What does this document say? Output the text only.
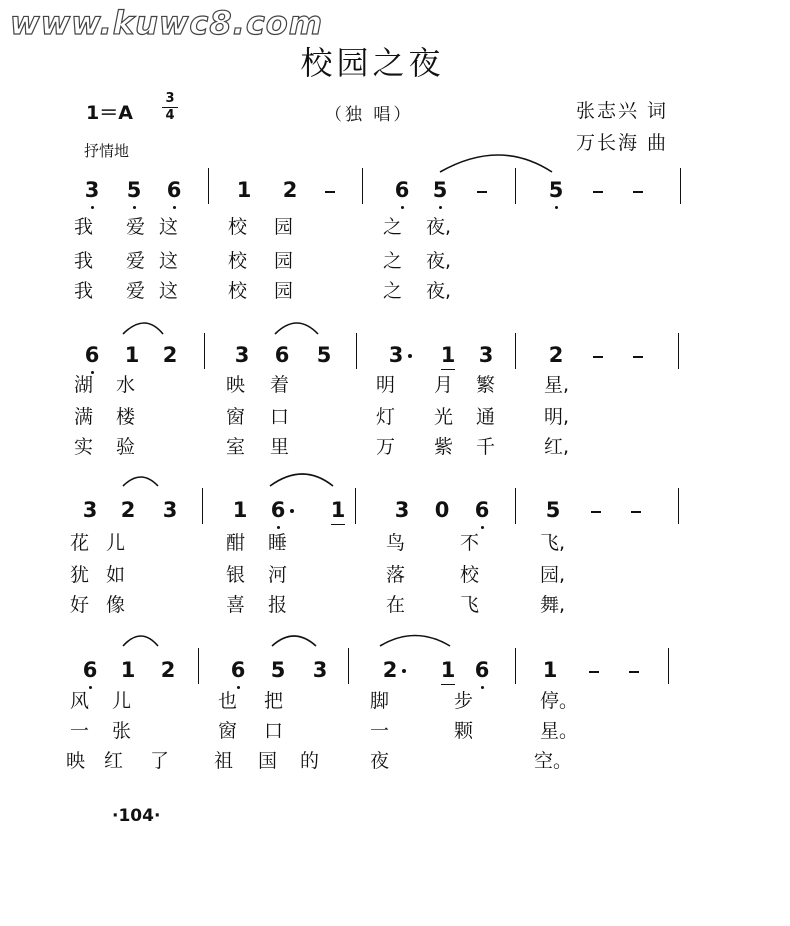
www.kuwc8.com
校园之夜
1＝A
3
4	（独 唱）	张志兴 词
万长海 曲
抒情地
3 5 6	1 2	6 5	5
我 爱 这	校 园	之 夜,
我 爱 这	校 园	之 夜,
我 爱 这	校 园	之 夜,
6 1 2	3 6 5	3 1 3	2
湖 水	映 着	明 月 繁	星,
满 楼	窗 口	灯 光 通	明,
实 验	室 里	万 紫 千	红,
3 2 3	1 6 1 3 0 6	5
花 儿	酣 睡	鸟	不	飞,
犹 如	银 河	落	校	园,
好 像	喜 报	在	飞	舞,
6 1 2	6 5 3	2 1 6	1
风 儿	也 把	脚	步	停。
一 张	窗 口	一	颗	星。
映 红 了 祖 国 的	夜	空。
·104·
